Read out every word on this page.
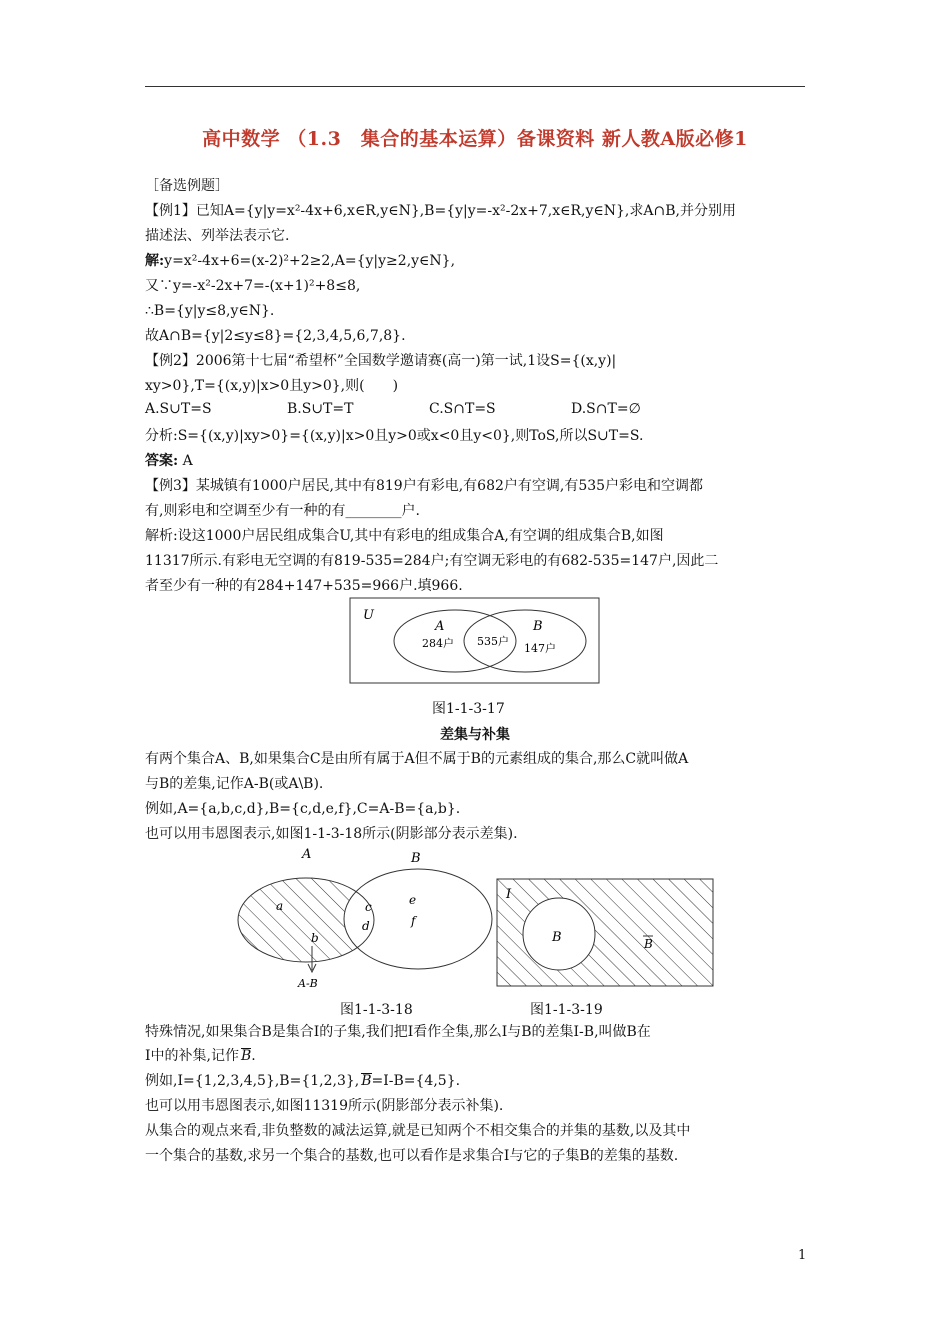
高中数学 （1.3　集合的基本运算）备课资料 新人教A版必修1
［备选例题］
【例1】已知A={y|y=x²-4x+6,x∈R,y∈N},B={y|y=-x²-2x+7,x∈R,y∈N},求A∩B,并分别用
描述法、列举法表示它.
解:y=x²-4x+6=(x-2)²+2≥2,A={y|y≥2,y∈N},
又∵y=-x²-2x+7=-(x+1)²+8≤8,
∴B={y|y≤8,y∈N}.
故A∩B={y|2≤y≤8}={2,3,4,5,6,7,8}.
【例2】2006第十七届“希望杯”全国数学邀请赛(高一)第一试,1设S={(x,y)|
xy>0},T={(x,y)|x>0且y>0},则(　　)
A.S∪T=S	B.S∪T=T	C.S∩T=S	D.S∩T=∅
分析:S={(x,y)|xy>0}={(x,y)|x>0且y>0或x<0且y<0},则ToS,所以S∪T=S.
答案: A
【例3】某城镇有1000户居民,其中有819户有彩电,有682户有空调,有535户彩电和空调都
有,则彩电和空调至少有一种的有________户.
解析:设这1000户居民组成集合U,其中有彩电的组成集合A,有空调的组成集合B,如图
11317所示.有彩电无空调的有819-535=284户;有空调无彩电的有682-535=147户,因此二
者至少有一种的有284+147+535=966户.填966.
U
A
284户 535户
B
147户
图1-1-3-17
差集与补集
有两个集合A、B,如果集合C是由所有属于A但不属于B的元素组成的集合,那么C就叫做A
与B的差集,记作A-B(或A\B).
例如,A={a,b,c,d},B={c,d,e,f},C=A-B={a,b}.
也可以用韦恩图表示,如图1-1-3-18所示(阴影部分表示差集).
A	B
a
b
c
d
e
f
A-B
I
B	B
图1-1-3-18	图1-1-3-19
特殊情况,如果集合B是集合I的子集,我们把I看作全集,那么I与B的差集I-B,叫做B在
I中的补集,记作 B.
例如,I={1,2,3,4,5},B={1,2,3}, B=I-B={4,5}.
也可以用韦恩图表示,如图11319所示(阴影部分表示补集).
从集合的观点来看,非负整数的减法运算,就是已知两个不相交集合的并集的基数,以及其中
一个集合的基数,求另一个集合的基数,也可以看作是求集合I与它的子集B的差集的基数.
1
